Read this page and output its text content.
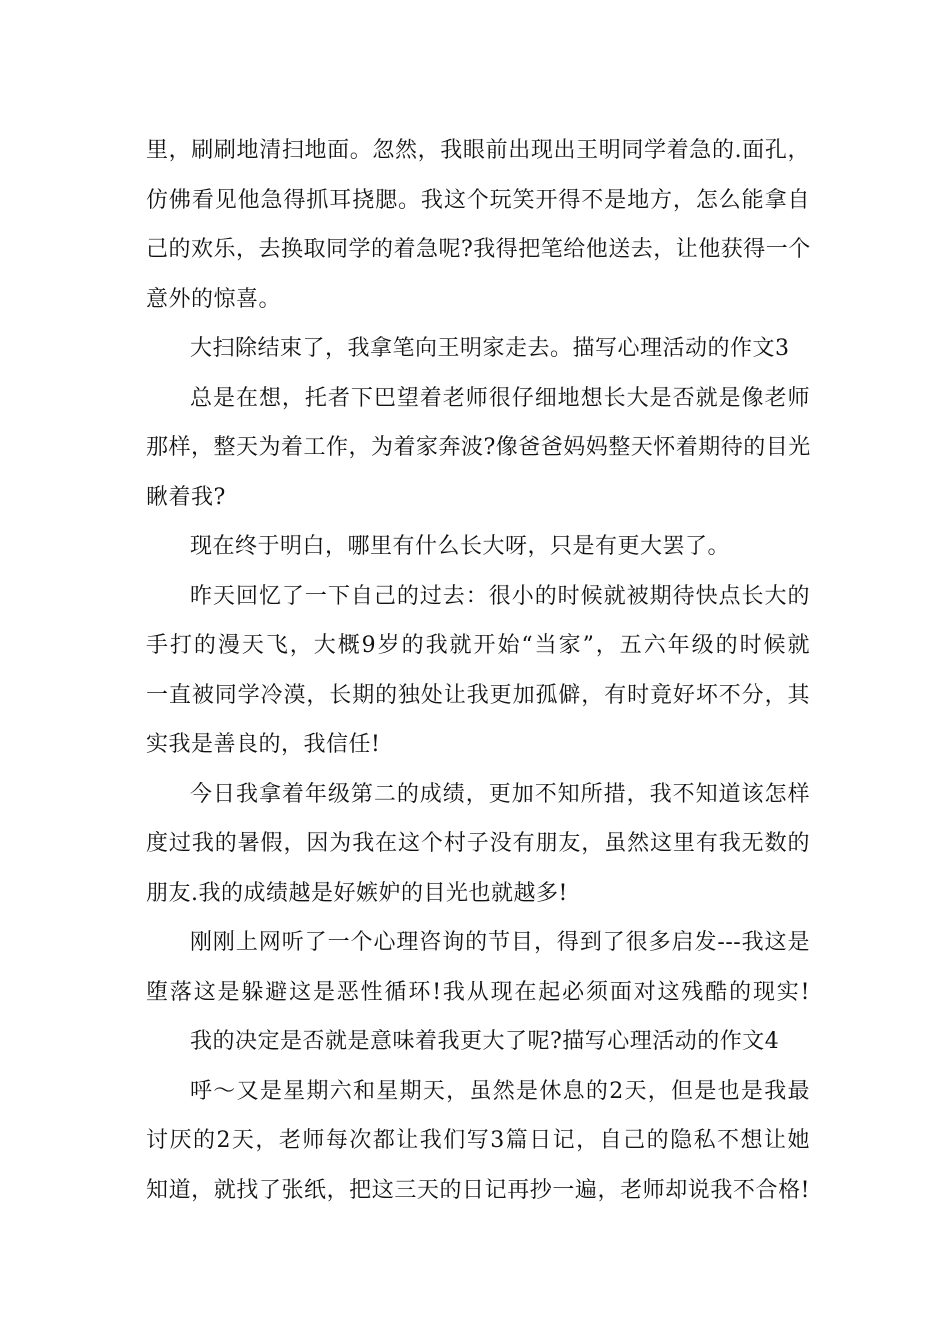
里，刷刷地清扫地面。忽然，我眼前出现出王明同学着急的.面孔，
仿佛看见他急得抓耳挠腮。我这个玩笑开得不是地方，怎么能拿自
己的欢乐，去换取同学的着急呢?我得把笔给他送去，让他获得一个
意外的惊喜。
大扫除结束了，我拿笔向王明家走去。描写心理活动的作文3
总是在想，托者下巴望着老师很仔细地想长大是否就是像老师
那样，整天为着工作，为着家奔波?像爸爸妈妈整天怀着期待的目光
瞅着我?
现在终于明白，哪里有什么长大呀，只是有更大罢了。
昨天回忆了一下自己的过去：很小的时候就被期待快点长大的
手打的漫天飞，大概9岁的我就开始“当家”，五六年级的时候就
一直被同学冷漠，长期的独处让我更加孤僻，有时竟好坏不分，其
实我是善良的，我信任!
今日我拿着年级第二的成绩，更加不知所措，我不知道该怎样
度过我的暑假，因为我在这个村子没有朋友，虽然这里有我无数的
朋友.我的成绩越是好嫉妒的目光也就越多!
刚刚上网听了一个心理咨询的节目，得到了很多启发---我这是
堕落这是躲避这是恶性循环!我从现在起必须面对这残酷的现实!
我的决定是否就是意味着我更大了呢?描写心理活动的作文4
呼～又是星期六和星期天，虽然是休息的2天，但是也是我最
讨厌的2天，老师每次都让我们写3篇日记，自己的隐私不想让她
知道，就找了张纸，把这三天的日记再抄一遍，老师却说我不合格!
